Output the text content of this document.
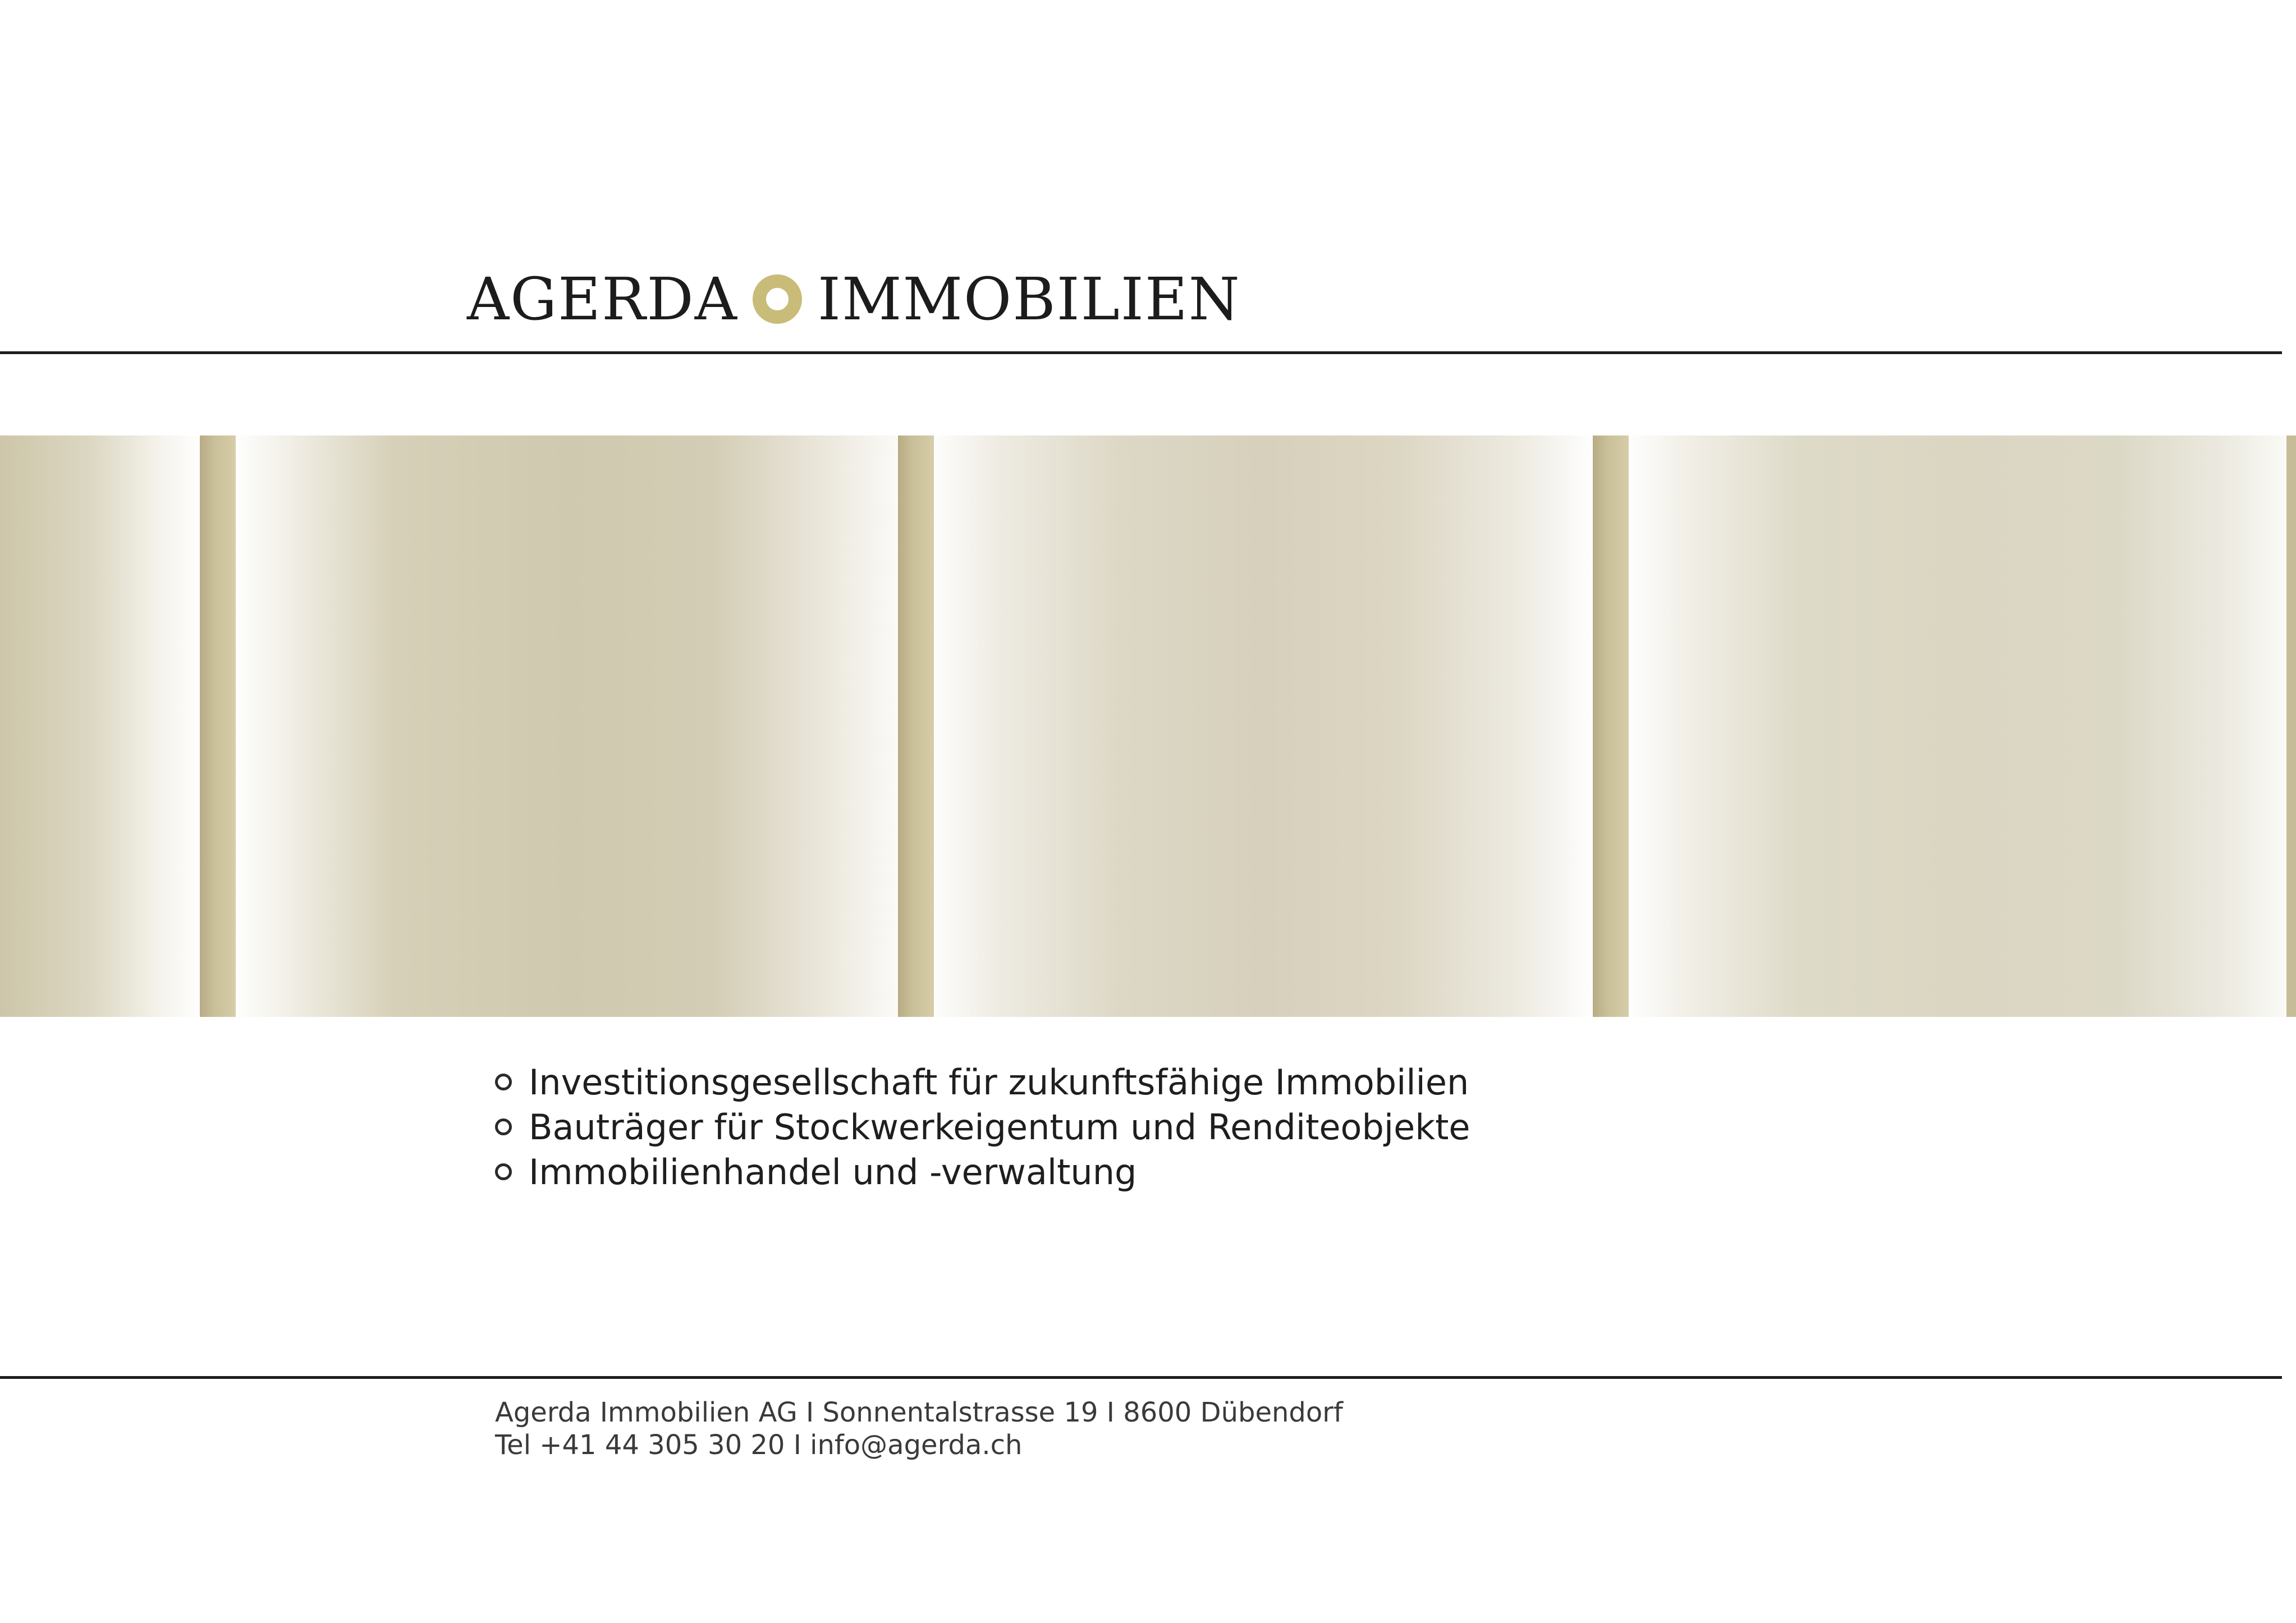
AGERDA IMMOBILIEN
Investitionsgesellschaft für zukunftsfähige Immobilien
Bauträger für Stockwerkeigentum und Renditeobjekte
Immobilienhandel und -verwaltung
Agerda Immobilien AG I Sonnentalstrasse 19 I 8600 Dübendorf
Tel +41 44 305 30 20 I info@agerda.ch
